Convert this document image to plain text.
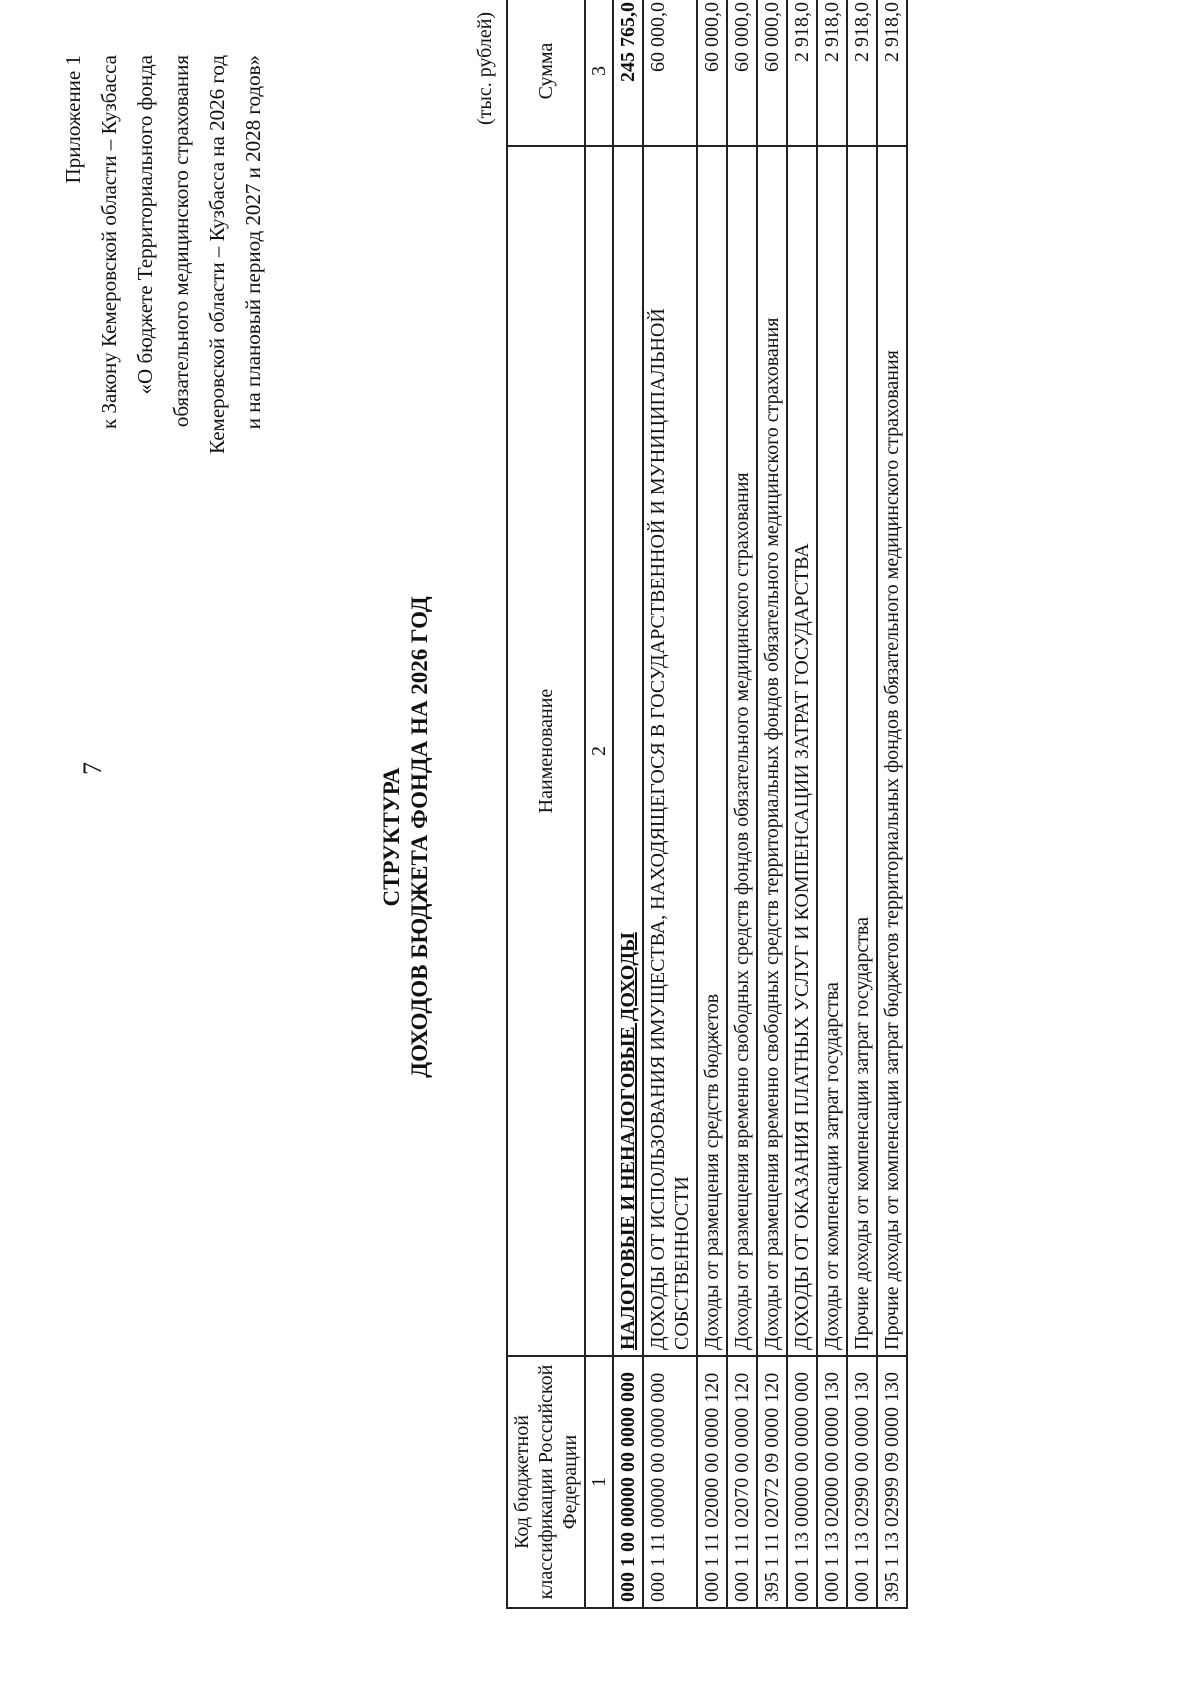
7
Приложение 1 к Закону Кемеровской области – Кузбасса «О бюджете Территориального фонда обязательного медицинского страхования Кемеровской области – Кузбасса на 2026 год и на плановый период 2027 и 2028 годов»
СТРУКТУРА ДОХОДОВ БЮДЖЕТА ФОНДА НА 2026 ГОД
(тыс. рублей)
Код бюджетной классификации Российской Федерации	Наименование	Сумма
1	2	3
000 1 00 00000 00 0000 000	НАЛОГОВЫЕ И НЕНАЛОГОВЫЕ ДОХОДЫ	245 765,0
000 1 11 00000 00 0000 000	ДОХОДЫ ОТ ИСПОЛЬЗОВАНИЯ ИМУЩЕСТВА, НАХОДЯЩЕГОСЯ В ГОСУДАРСТВЕННОЙ И МУНИЦИПАЛЬНОЙ СОБСТВЕННОСТИ	60 000,0
000 1 11 02000 00 0000 120	Доходы от размещения средств бюджетов	60 000,0
000 1 11 02070 00 0000 120	Доходы от размещения временно свободных средств фондов обязательного медицинского страхования	60 000,0
395 1 11 02072 09 0000 120	Доходы от размещения временно свободных средств территориальных фондов обязательного медицинского страхования	60 000,0
000 1 13 00000 00 0000 000	ДОХОДЫ ОТ ОКАЗАНИЯ ПЛАТНЫХ УСЛУГ И КОМПЕНСАЦИИ ЗАТРАТ ГОСУДАРСТВА	2 918,0
000 1 13 02000 00 0000 130	Доходы от компенсации затрат государства	2 918,0
000 1 13 02990 00 0000 130	Прочие доходы от компенсации затрат государства	2 918,0
395 1 13 02999 09 0000 130	Прочие доходы от компенсации затрат бюджетов территориальных фондов обязательного медицинского страхования	2 918,0
